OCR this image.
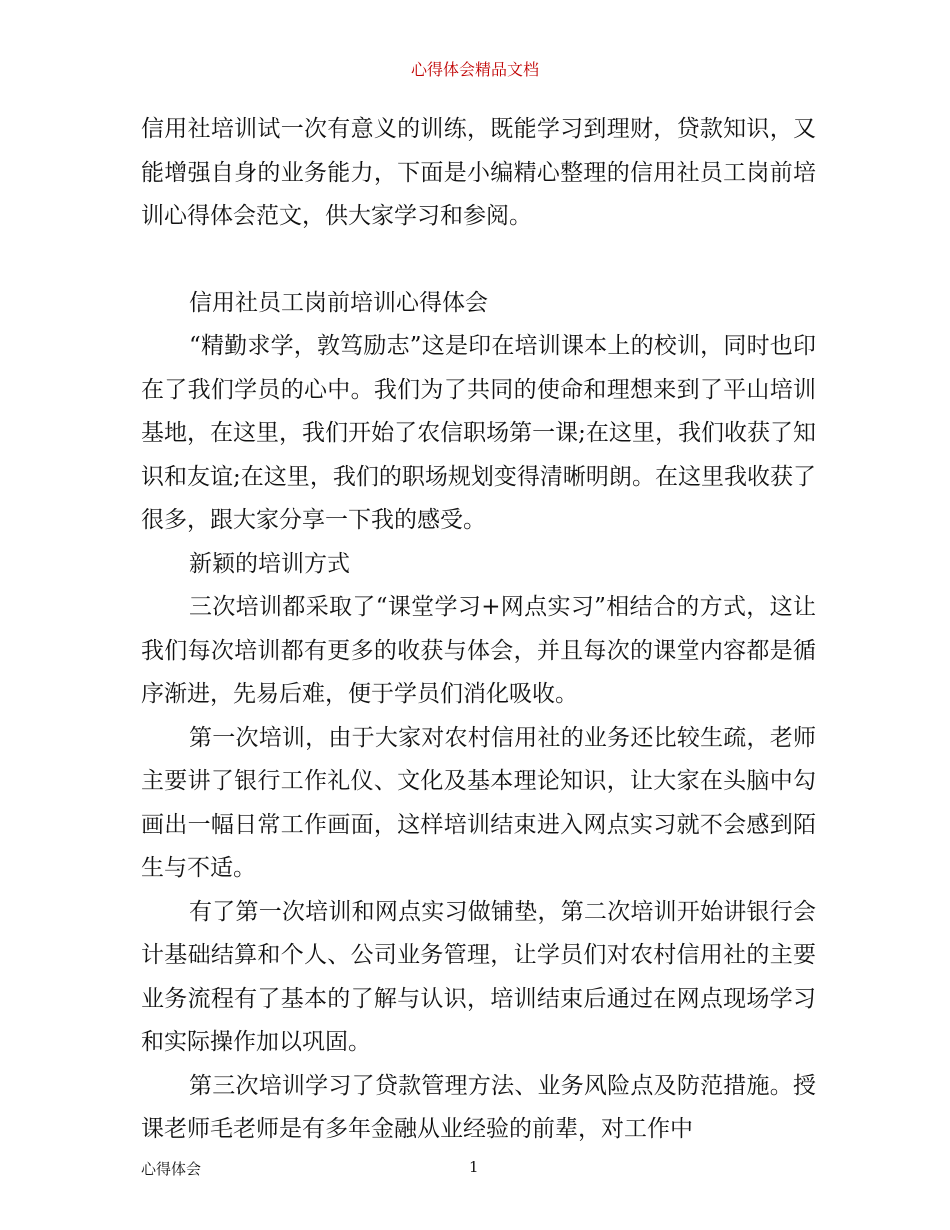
心得体会精品文档

信用社培训试一次有意义的训练，既能学习到理财，贷款知识，又能增强自身的业务能力，下面是小编精心整理的信用社员工岗前培训心得体会范文，供大家学习和参阅。

信用社员工岗前培训心得体会

“精勤求学，敦笃励志”这是印在培训课本上的校训，同时也印在了我们学员的心中。我们为了共同的使命和理想来到了平山培训基地，在这里，我们开始了农信职场第一课;在这里，我们收获了知识和友谊;在这里，我们的职场规划变得清晰明朗。在这里我收获了很多，跟大家分享一下我的感受。

新颖的培训方式

三次培训都采取了“课堂学习+网点实习”相结合的方式，这让我们每次培训都有更多的收获与体会，并且每次的课堂内容都是循序渐进，先易后难，便于学员们消化吸收。

第一次培训，由于大家对农村信用社的业务还比较生疏，老师主要讲了银行工作礼仪、文化及基本理论知识，让大家在头脑中勾画出一幅日常工作画面，这样培训结束进入网点实习就不会感到陌生与不适。

有了第一次培训和网点实习做铺垫，第二次培训开始讲银行会计基础结算和个人、公司业务管理，让学员们对农村信用社的主要业务流程有了基本的了解与认识，培训结束后通过在网点现场学习和实际操作加以巩固。

第三次培训学习了贷款管理方法、业务风险点及防范措施。授课老师毛老师是有多年金融从业经验的前辈，对工作中

心得体会	1
